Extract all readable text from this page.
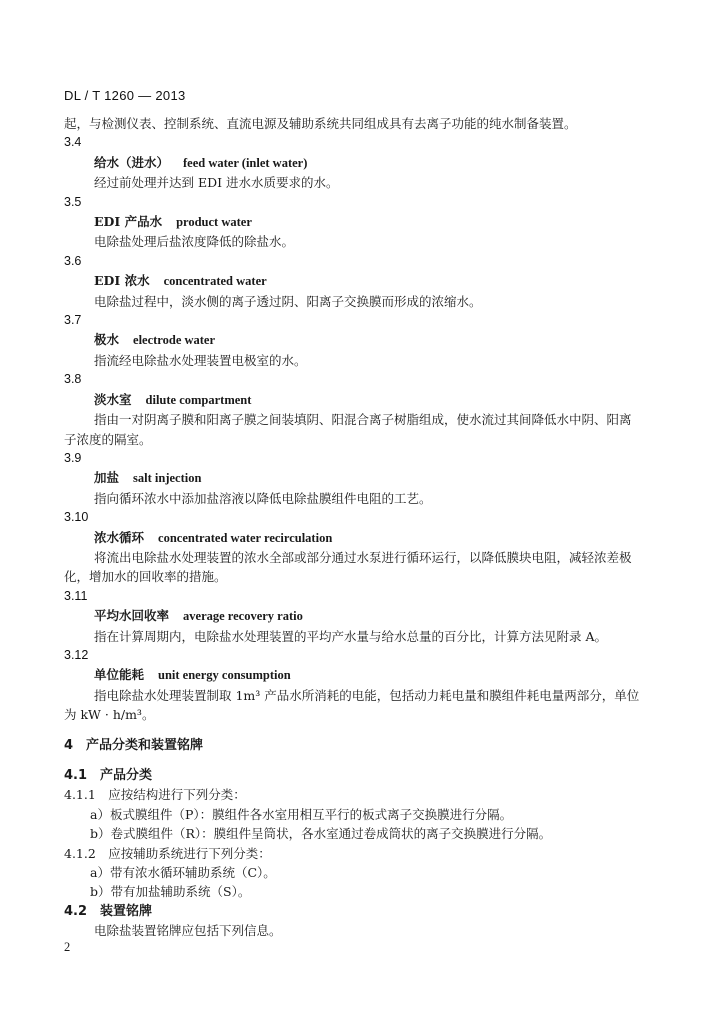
DL / T 1260 — 2013
起，与检测仪表、控制系统、直流电源及辅助系统共同组成具有去离子功能的纯水制备装置。
3.4
给水（进水） feed water (inlet water)
经过前处理并达到 EDI 进水水质要求的水。
3.5
EDI 产品水 product water
电除盐处理后盐浓度降低的除盐水。
3.6
EDI 浓水 concentrated water
电除盐过程中，淡水侧的离子透过阴、阳离子交换膜而形成的浓缩水。
3.7
极水 electrode water
指流经电除盐水处理装置电极室的水。
3.8
淡水室 dilute compartment
指由一对阴离子膜和阳离子膜之间装填阴、阳混合离子树脂组成，使水流过其间降低水中阴、阳离
子浓度的隔室。
3.9
加盐 salt injection
指向循环浓水中添加盐溶液以降低电除盐膜组件电阻的工艺。
3.10
浓水循环 concentrated water recirculation
将流出电除盐水处理装置的浓水全部或部分通过水泵进行循环运行，以降低膜块电阻，减轻浓差极
化，增加水的回收率的措施。
3.11
平均水回收率 average recovery ratio
指在计算周期内，电除盐水处理装置的平均产水量与给水总量的百分比，计算方法见附录 A。
3.12
单位能耗 unit energy consumption
指电除盐水处理装置制取 1m³ 产品水所消耗的电能，包括动力耗电量和膜组件耗电量两部分，单位
为 kW · h/m³。
4　产品分类和装置铭牌
4.1　产品分类
4.1.1　应按结构进行下列分类：
a）板式膜组件（P）：膜组件各水室用相互平行的板式离子交换膜进行分隔。
b）卷式膜组件（R）：膜组件呈筒状，各水室通过卷成筒状的离子交换膜进行分隔。
4.1.2　应按辅助系统进行下列分类：
a）带有浓水循环辅助系统（C）。
b）带有加盐辅助系统（S）。
4.2　装置铭牌
电除盐装置铭牌应包括下列信息。
2
